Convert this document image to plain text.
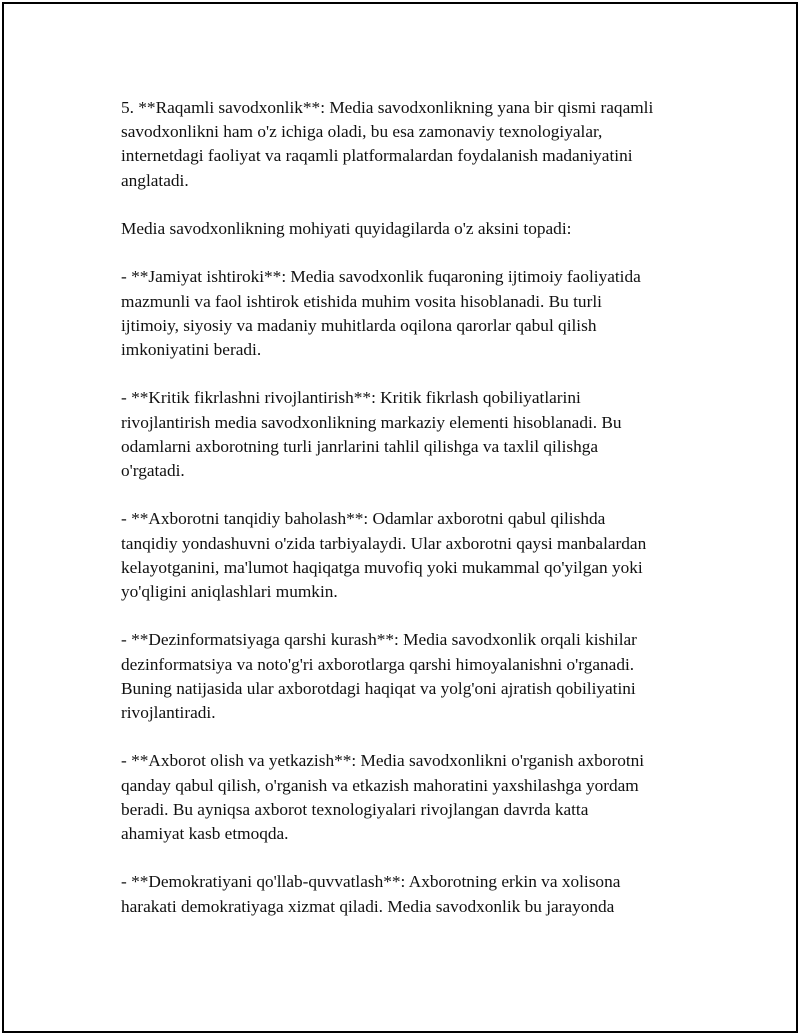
5. **Raqamli savodxonlik**: Media savodxonlikning yana bir qismi raqamli
savodxonlikni ham o'z ichiga oladi, bu esa zamonaviy texnologiyalar,
internetdagi faoliyat va raqamli platformalardan foydalanish madaniyatini
anglatadi.

Media savodxonlikning mohiyati quyidagilarda o'z aksini topadi:

- **Jamiyat ishtiroki**: Media savodxonlik fuqaroning ijtimoiy faoliyatida
mazmunli va faol ishtirok etishida muhim vosita hisoblanadi. Bu turli
ijtimoiy, siyosiy va madaniy muhitlarda oqilona qarorlar qabul qilish
imkoniyatini beradi.

- **Kritik fikrlashni rivojlantirish**: Kritik fikrlash qobiliyatlarini
rivojlantirish media savodxonlikning markaziy elementi hisoblanadi. Bu
odamlarni axborotning turli janrlarini tahlil qilishga va taxlil qilishga
o'rgatadi.

- **Axborotni tanqidiy baholash**: Odamlar axborotni qabul qilishda
tanqidiy yondashuvni o'zida tarbiyalaydi. Ular axborotni qaysi manbalardan
kelayotganini, ma'lumot haqiqatga muvofiq yoki mukammal qo'yilgan yoki
yo'qligini aniqlashlari mumkin.

- **Dezinformatsiyaga qarshi kurash**: Media savodxonlik orqali kishilar
dezinformatsiya va noto'g'ri axborotlarga qarshi himoyalanishni o'rganadi.
Buning natijasida ular axborotdagi haqiqat va yolg'oni ajratish qobiliyatini
rivojlantiradi.

- **Axborot olish va yetkazish**: Media savodxonlikni o'rganish axborotni
qanday qabul qilish, o'rganish va etkazish mahoratini yaxshilashga yordam
beradi. Bu ayniqsa axborot texnologiyalari rivojlangan davrda katta
ahamiyat kasb etmoqda.

- **Demokratiyani qo'llab-quvvatlash**: Axborotning erkin va xolisona
harakati demokratiyaga xizmat qiladi. Media savodxonlik bu jarayonda
